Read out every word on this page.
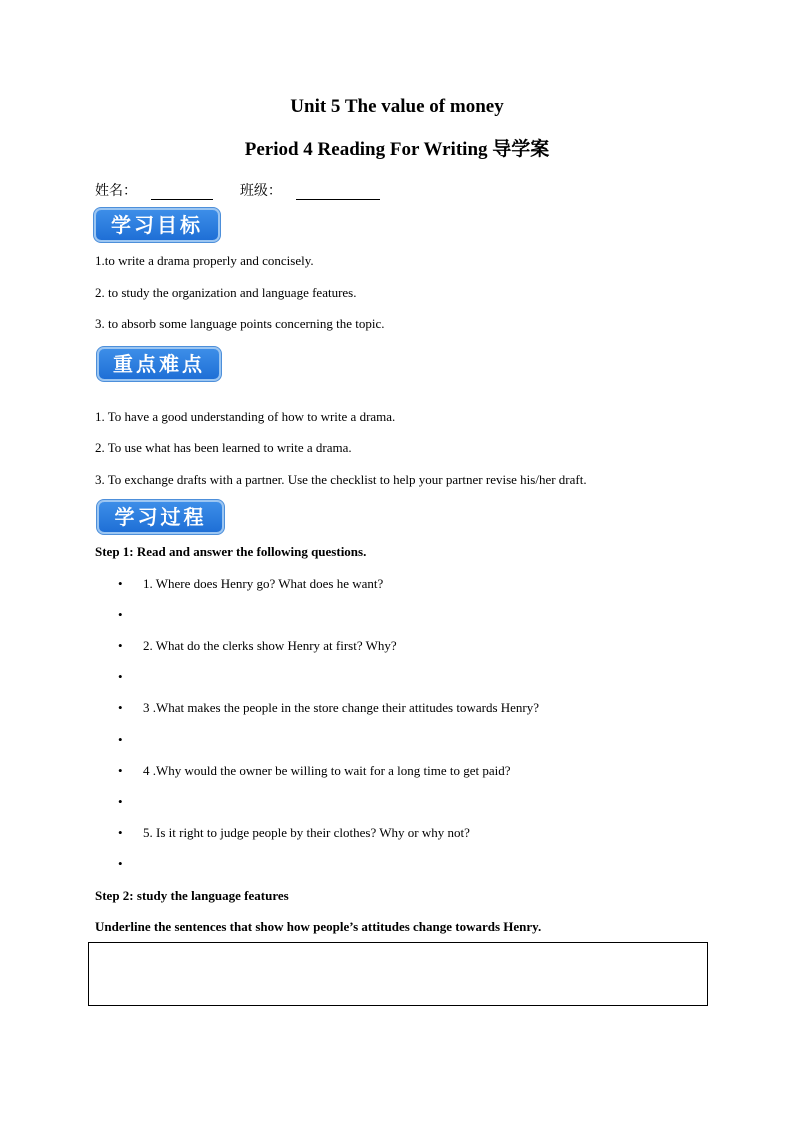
Unit 5 The value of money
Period 4 Reading For Writing 导学案
姓名：	班级：
学习目标
1.to write a drama properly and concisely.
2. to study the organization and language features.
3. to absorb some language points concerning the topic.
重点难点
1. To have a good understanding of how to write a drama.
2. To use what has been learned to write a drama.
3. To exchange drafts with a partner. Use the checklist to help your partner revise his/her draft.
学习过程
Step 1: Read and answer the following questions.
• 1. Where does Henry go? What does he want?
•
• 2. What do the clerks show Henry at first? Why?
•
• 3 .What makes the people in the store change their attitudes towards Henry?
•
• 4 .Why would the owner be willing to wait for a long time to get paid?
•
• 5. Is it right to judge people by their clothes? Why or why not?
•
Step 2: study the language features
Underline the sentences that show how people’s attitudes change towards Henry.
